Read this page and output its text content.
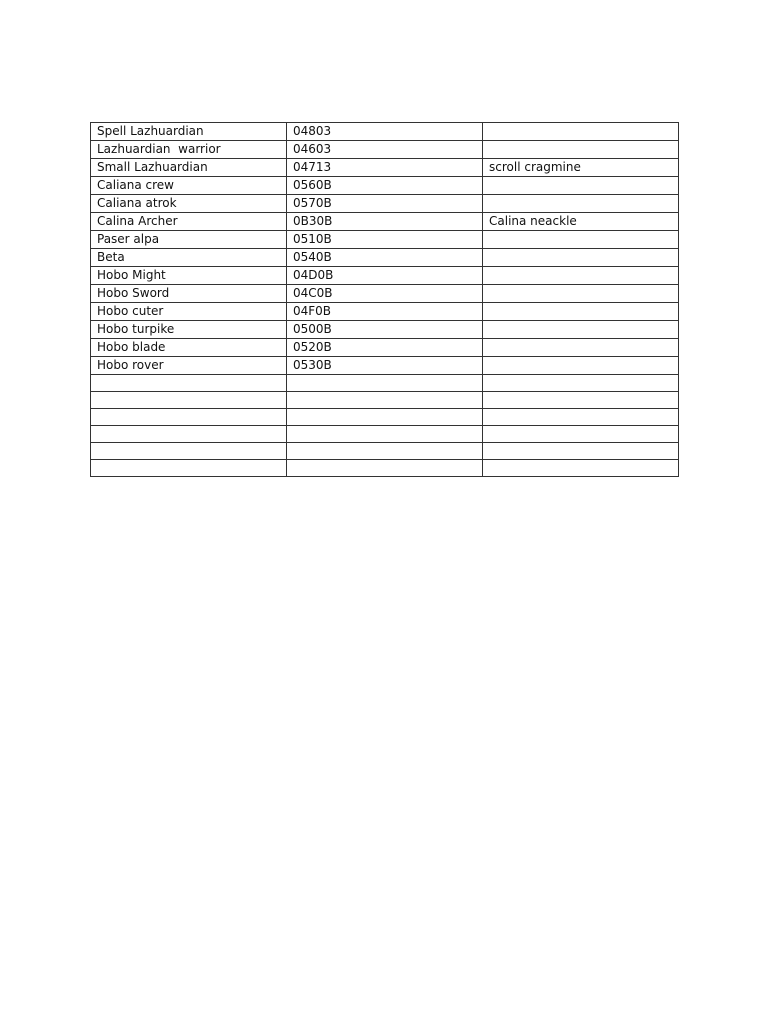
Spell Lazhuardian	04803	
Lazhuardian  warrior	04603	
Small Lazhuardian	04713	scroll cragmine
Caliana crew	0560B	
Caliana atrok	0570B	
Calina Archer	0B30B	Calina neackle
Paser alpa	0510B	
Beta	0540B	
Hobo Might	04D0B	
Hobo Sword	04C0B	
Hobo cuter	04F0B	
Hobo turpike	0500B	
Hobo blade	0520B	
Hobo rover	0530B	
